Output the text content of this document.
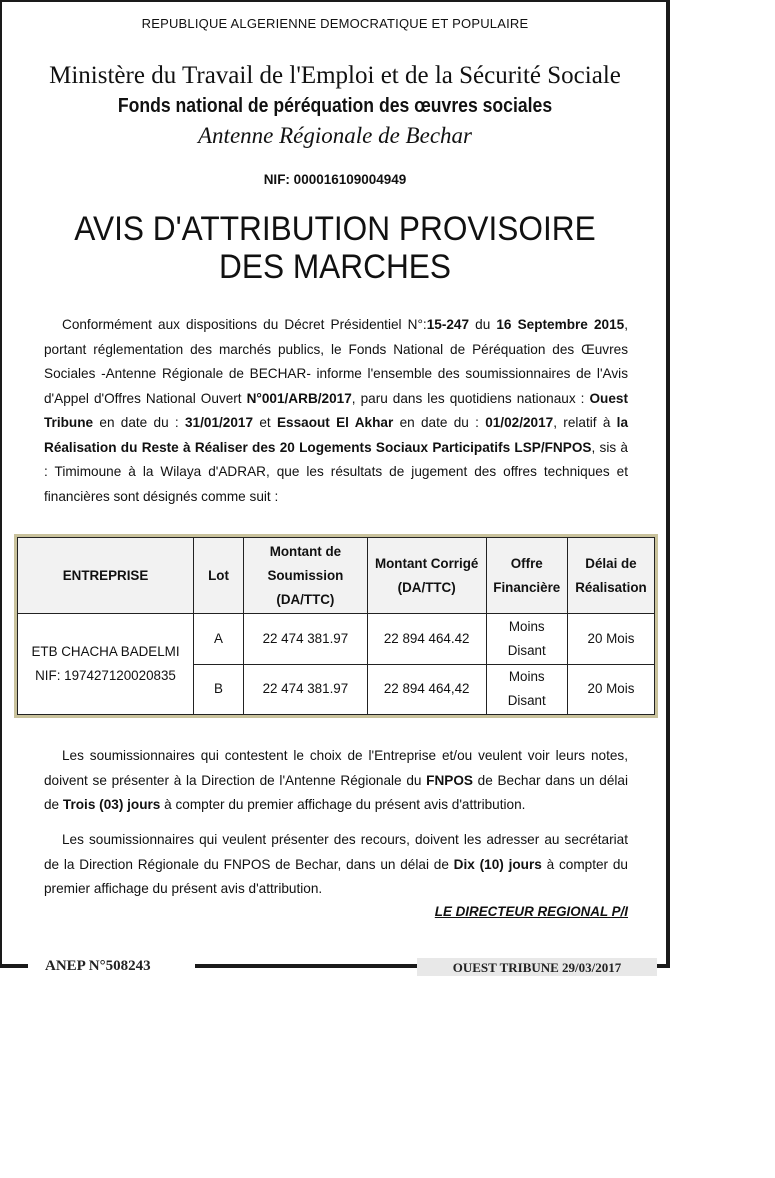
REPUBLIQUE ALGERIENNE DEMOCRATIQUE ET POPULAIRE
Ministère du Travail de l'Emploi et de la Sécurité Sociale
Fonds national de péréquation des œuvres sociales
Antenne Régionale de Bechar
NIF: 000016109004949
AVIS D'ATTRIBUTION PROVISOIRE
DES MARCHES

Conformément aux dispositions du Décret Présidentiel N°:15-247 du 16 Septembre 2015, portant réglementation des marchés publics, le Fonds National de Péréquation des Œuvres Sociales -Antenne Régionale de BECHAR- informe l'ensemble des soumissionnaires de l'Avis d'Appel d'Offres National Ouvert N°001/ARB/2017, paru dans les quotidiens nationaux : Ouest Tribune en date du : 31/01/2017 et Essaout El Akhar en date du : 01/02/2017, relatif à la Réalisation du Reste à Réaliser des 20 Logements Sociaux Participatifs LSP/FNPOS, sis à : Timimoune à la Wilaya d'ADRAR, que les résultats de jugement des offres techniques et financières sont désignés comme suit :

ENTREPRISE	Lot	Montant de Soumission (DA/TTC)	Montant Corrigé (DA/TTC)	Offre Financière	Délai de Réalisation
ETB CHACHA BADELMI NIF: 197427120020835	A	22 474 381.97	22 894 464.42	Moins Disant	20 Mois
	B	22 474 381.97	22 894 464,42	Moins Disant	20 Mois

Les soumissionnaires qui contestent le choix de l'Entreprise et/ou veulent voir leurs notes, doivent se présenter à la Direction de l'Antenne Régionale du FNPOS de Bechar dans un délai de Trois (03) jours à compter du premier affichage du présent avis d'attribution.

Les soumissionnaires qui veulent présenter des recours, doivent les adresser au secrétariat de la Direction Régionale du FNPOS de Bechar, dans un délai de Dix (10) jours à compter du premier affichage du présent avis d'attribution.

LE DIRECTEUR REGIONAL P/I
ANEP N°508243	OUEST TRIBUNE 29/03/2017
